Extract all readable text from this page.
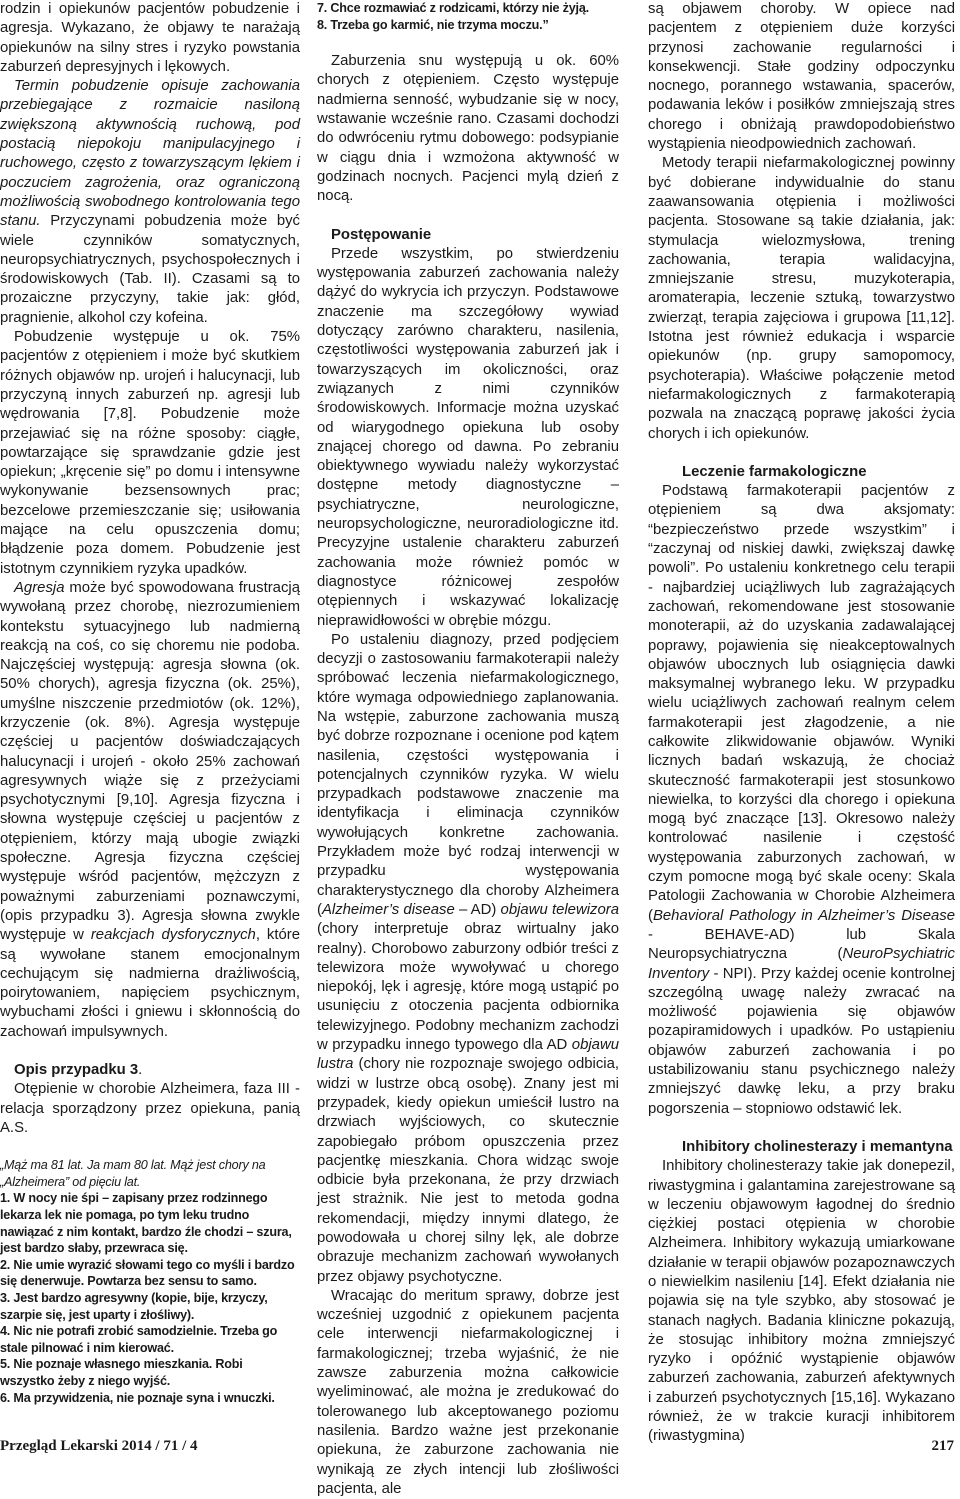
rodzin i opiekunów pacjentów pobudzenie i agresja. Wykazano, że objawy te narażają opiekunów na silny stres i ryzyko powstania zaburzeń depresyjnych i lękowych.

Termin pobudzenie opisuje zachowania przebiegające z rozmaicie nasiloną zwiększoną aktywnością ruchową, pod postacią niepokoju manipulacyjnego i ruchowego, często z towarzyszącym lękiem i poczuciem zagrożenia, oraz ograniczoną możliwością swobodnego kontrolowania tego stanu. Przyczynami pobudzenia może być wiele czynników somatycznych, neuropsychiatrycznych, psychospołecznych i środowiskowych (Tab. II). Czasami są to prozaiczne przyczyny, takie jak: głód, pragnienie, alkohol czy kofeina.

Pobudzenie występuje u ok. 75% pacjentów z otępieniem i może być skutkiem różnych objawów np. urojeń i halucynacji, lub przyczyną innych zaburzeń np. agresji lub wędrowania [7,8]. Pobudzenie może przejawiać się na różne sposoby: ciągłe, powtarzające się sprawdzanie gdzie jest opiekun; „kręcenie się” po domu i intensywne wykonywanie bezsensownych prac; bezcelowe przemieszczanie się; usiłowania mające na celu opuszczenia domu; błądzenie poza domem. Pobudzenie jest istotnym czynnikiem ryzyka upadków.

Agresja może być spowodowana frustracją wywołaną przez chorobę, niezrozumieniem kontekstu sytuacyjnego lub nadmierną reakcją na coś, co się choremu nie podoba. Najczęściej występują: agresja słowna (ok. 50% chorych), agresja fizyczna (ok. 25%), umyślne niszczenie przedmiotów (ok. 12%), krzyczenie (ok. 8%). Agresja występuje częściej u pacjentów doświadczających halucynacji i urojeń - około 25% zachowań agresywnych wiąże się z przeżyciami psychotycznymi [9,10]. Agresja fizyczna i słowna występuje częściej u pacjentów z otępieniem, którzy mają ubogie związki społeczne. Agresja fizyczna częściej występuje wśród pacjentów, mężczyzn z poważnymi zaburzeniami poznawczymi, (opis przypadku 3). Agresja słowna zwykle występuje w reakcjach dysforycznych, które są wywołane stanem emocjonalnym cechującym się nadmierna drażliwością, poirytowaniem, napięciem psychicznym, wybuchami złości i gniewu i skłonnością do zachowań impulsywnych.

Opis przypadku 3.

Otępienie w chorobie Alzheimera, faza III - relacja sporządzony przez opiekuna, panią A.S.

„Mąż ma 81 lat. Ja mam 80 lat. Mąż jest chory na „Alzheimera” od pięciu lat.

1. W nocy nie śpi – zapisany przez rodzinnego lekarza lek nie pomaga, po tym leku trudno nawiązać z nim kontakt, bardzo źle chodzi – szura, jest bardzo słaby, przewraca się.

2. Nie umie wyrazić słowami tego co myśli i bardzo się denerwuje. Powtarza bez sensu to samo.

3. Jest bardzo agresywny (kopie, bije, krzyczy, szarpie się, jest uparty i złośliwy).

4. Nic nie potrafi zrobić samodzielnie. Trzeba go stale pilnować i nim kierować.

5. Nie poznaje własnego mieszkania. Robi wszystko żeby z niego wyjść.

6. Ma przywidzenia, nie poznaje syna i wnuczki.

7. Chce rozmawiać z rodzicami, którzy nie żyją.

8. Trzeba go karmić, nie trzyma moczu.”

Zaburzenia snu występują u ok. 60% chorych z otępieniem. Często występuje nadmierna senność, wybudzanie się w nocy, wstawanie wcześnie rano. Czasami dochodzi do odwróceniu rytmu dobowego: podsypianie w ciągu dnia i wzmożona aktywność w godzinach nocnych. Pacjenci mylą dzień z nocą.

Postępowanie

Przede wszystkim, po stwierdzeniu występowania zaburzeń zachowania należy dążyć do wykrycia ich przyczyn. Podstawowe znaczenie ma szczegółowy wywiad dotyczący zarówno charakteru, nasilenia, częstotliwości występowania zaburzeń jak i towarzyszących im okoliczności, oraz związanych z nimi czynników środowiskowych. Informacje można uzyskać od wiarygodnego opiekuna lub osoby znającej chorego od dawna. Po zebraniu obiektywnego wywiadu należy wykorzystać dostępne metody diagnostyczne – psychiatryczne, neurologiczne, neuropsychologiczne, neuroradiologiczne itd. Precyzyjne ustalenie charakteru zaburzeń zachowania może również pomóc w diagnostyce różnicowej zespołów otępiennych i wskazywać lokalizację nieprawidłowości w obrębie mózgu.

Po ustaleniu diagnozy, przed podjęciem decyzji o zastosowaniu farmakoterapii należy spróbować leczenia niefarmakologicznego, które wymaga odpowiedniego zaplanowania. Na wstępie, zaburzone zachowania muszą być dobrze rozpoznane i ocenione pod kątem nasilenia, częstości występowania i potencjalnych czynników ryzyka. W wielu przypadkach podstawowe znaczenie ma identyfikacja i eliminacja czynników wywołujących konkretne zachowania. Przykładem może być rodzaj interwencji w przypadku występowania charakterystycznego dla choroby Alzheimera (Alzheimer’s disease – AD) objawu telewizora (chory interpretuje obraz wirtualny jako realny). Chorobowo zaburzony odbiór treści z telewizora może wywoływać u chorego niepokój, lęk i agresję, które mogą ustąpić po usunięciu z otoczenia pacjenta odbiornika telewizyjnego. Podobny mechanizm zachodzi w przypadku innego typowego dla AD objawu lustra (chory nie rozpoznaje swojego odbicia, widzi w lustrze obcą osobę). Znany jest mi przypadek, kiedy opiekun umieścił lustro na drzwiach wyjściowych, co skutecznie zapobiegało próbom opuszczenia przez pacjentkę mieszkania. Chora widząc swoje odbicie była przekonana, że przy drzwiach jest strażnik. Nie jest to metoda godna rekomendacji, między innymi dlatego, że powodowała u chorej silny lęk, ale dobrze obrazuje mechanizm zachowań wywołanych przez objawy psychotyczne.

Wracając do meritum sprawy, dobrze jest wcześniej uzgodnić z opiekunem pacjenta cele interwencji niefarmakologicznej i farmakologicznej; trzeba wyjaśnić, że nie zawsze zaburzenia można całkowicie wyeliminować, ale można je zredukować do tolerowanego lub akceptowanego poziomu nasilenia. Bardzo ważne jest przekonanie opiekuna, że zaburzone zachowania nie wynikają ze złych intencji lub złośliwości pacjenta, ale

są objawem choroby. W opiece nad pacjentem z otępieniem duże korzyści przynosi zachowanie regularności i konsekwencji. Stałe godziny odpoczynku nocnego, porannego wstawania, spacerów, podawania leków i posiłków zmniejszają stres chorego i obniżają prawdopodobieństwo wystąpienia nieodpowiednich zachowań.

Metody terapii niefarmakologicznej powinny być dobierane indywidualnie do stanu zaawansowania otępienia i możliwości pacjenta. Stosowane są takie działania, jak: stymulacja wielozmysłowa, trening zachowania, terapia walidacyjna, zmniejszanie stresu, muzykoterapia, aromaterapia, leczenie sztuką, towarzystwo zwierząt, terapia zajęciowa i grupowa [11,12]. Istotna jest również edukacja i wsparcie opiekunów (np. grupy samopomocy, psychoterapia). Właściwe połączenie metod niefarmakologicznych z farmakoterapią pozwala na znaczącą poprawę jakości życia chorych i ich opiekunów.

Leczenie farmakologiczne

Podstawą farmakoterapii pacjentów z otępieniem są dwa aksjomaty: “bezpieczeństwo przede wszystkim” i “zaczynaj od niskiej dawki, zwiększaj dawkę powoli”. Po ustaleniu konkretnego celu terapii - najbardziej uciążliwych lub zagrażających zachowań, rekomendowane jest stosowanie monoterapii, aż do uzyskania zadawalającej poprawy, pojawienia się nieakceptowalnych objawów ubocznych lub osiągnięcia dawki maksymalnej wybranego leku. W przypadku wielu uciążliwych zachowań realnym celem farmakoterapii jest złagodzenie, a nie całkowite zlikwidowanie objawów. Wyniki licznych badań wskazują, że chociaż skuteczność farmakoterapii jest stosunkowo niewielka, to korzyści dla chorego i opiekuna mogą być znaczące [13]. Okresowo należy kontrolować nasilenie i częstość występowania zaburzonych zachowań, w czym pomocne mogą być skale oceny: Skala Patologii Zachowania w Chorobie Alzheimera (Behavioral Pathology in Alzheimer’s Disease - BEHAVE-AD) lub Skala Neuropsychiatryczna (NeuroPsychiatric Inventory - NPI). Przy każdej ocenie kontrolnej szczególną uwagę należy zwracać na możliwość pojawienia się objawów pozapiramidowych i upadków. Po ustąpieniu objawów zaburzeń zachowania i po ustabilizowaniu stanu psychicznego należy zmniejszyć dawkę leku, a przy braku pogorszenia – stopniowo odstawić lek.

Inhibitory cholinesterazy i memantyna

Inhibitory cholinesterazy takie jak donepezil, riwastygmina i galantamina zarejestrowane są w leczeniu objawowym łagodnej do średnio ciężkiej postaci otępienia w chorobie Alzheimera. Inhibitory wykazują umiarkowane działanie w terapii objawów pozapoznawczych o niewielkim nasileniu [14]. Efekt działania nie pojawia się na tyle szybko, aby stosować je stanach nagłych. Badania kliniczne pokazują, że stosując inhibitory można zmniejszyć ryzyko i opóźnić wystąpienie objawów zaburzeń zachowania, zaburzeń afektywnych i zaburzeń psychotycznych [15,16]. Wykazano również, że w trakcie kuracji inhibitorem (riwastygmina)

Przegląd Lekarski 2014 / 71 / 4	217
